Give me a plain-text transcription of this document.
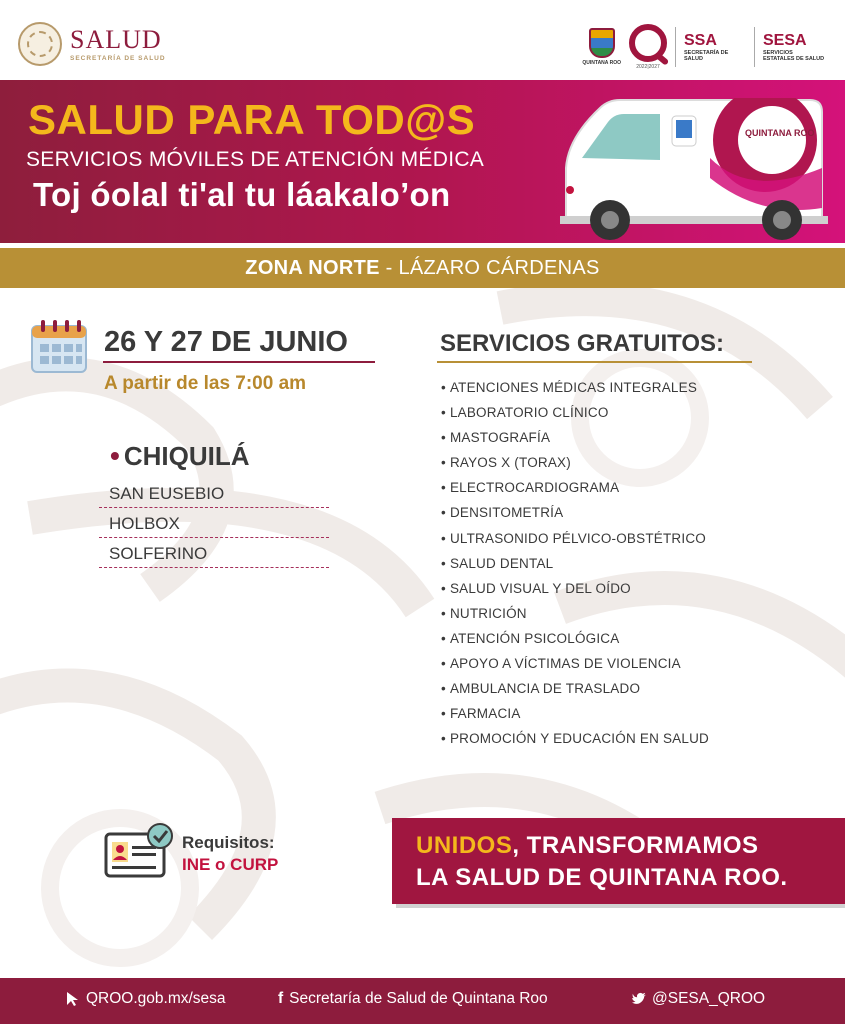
SALUD
SECRETARÍA DE SALUD
QUINTANA ROO
2022|2027
SSA
SECRETARÍA DE SALUD
SESA
SERVICIOS ESTATALES DE SALUD
SALUD PARA TOD@S
SERVICIOS MÓVILES DE ATENCIÓN MÉDICA
Toj óolal ti'al tu láakalo’on
QUINTANA ROO
ZONA NORTE - LÁZARO CÁRDENAS
26 Y 27 DE JUNIO
A partir de las 7:00 am
• CHIQUILÁ
SAN EUSEBIO
HOLBOX
SOLFERINO
SERVICIOS GRATUITOS:
• ATENCIONES MÉDICAS INTEGRALES
• LABORATORIO CLÍNICO
• MASTOGRAFÍA
• RAYOS X (TORAX)
• ELECTROCARDIOGRAMA
• DENSITOMETRÍA
• ULTRASONIDO PÉLVICO-OBSTÉTRICO
• SALUD DENTAL
• SALUD VISUAL Y DEL OÍDO
• NUTRICIÓN
• ATENCIÓN PSICOLÓGICA
• APOYO A VÍCTIMAS DE VIOLENCIA
• AMBULANCIA DE TRASLADO
• FARMACIA
• PROMOCIÓN Y EDUCACIÓN EN SALUD
Requisitos:
INE o CURP
UNIDOS, TRANSFORMAMOS
LA SALUD DE QUINTANA ROO.
QROO.gob.mx/sesa	f Secretaría de Salud de Quintana Roo	@SESA_QROO
